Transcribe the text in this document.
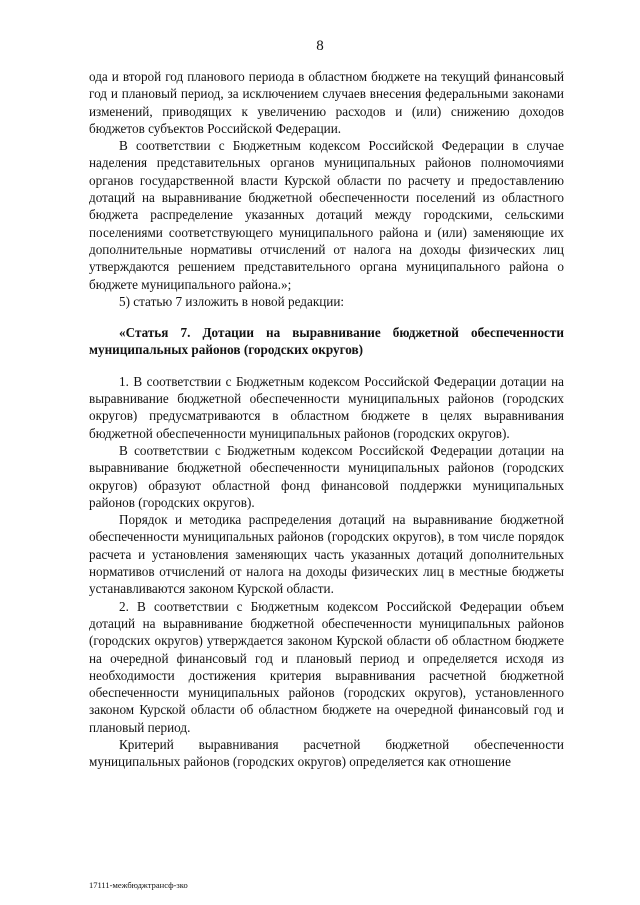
8

ода и второй год планового периода в областном бюджете на текущий финансовый год и плановый период, за исключением случаев внесения федеральными законами изменений, приводящих к увеличению расходов и (или) снижению доходов бюджетов субъектов Российской Федерации.

В соответствии с Бюджетным кодексом Российской Федерации в случае наделения представительных органов муниципальных районов полномочиями органов государственной власти Курской области по расчету и предоставлению дотаций на выравнивание бюджетной обеспеченности поселений из областного бюджета распределение указанных дотаций между городскими, сельскими поселениями соответствующего муниципального района и (или) заменяющие их дополнительные нормативы отчислений от налога на доходы физических лиц утверждаются решением представительного органа муниципального района о бюджете муниципального района.»;

5) статью 7 изложить в новой редакции:

«Статья 7. Дотации на выравнивание бюджетной обеспеченности муниципальных районов (городских округов)

1. В соответствии с Бюджетным кодексом Российской Федерации дотации на выравнивание бюджетной обеспеченности муниципальных районов (городских округов) предусматриваются в областном бюджете в целях выравнивания бюджетной обеспеченности муниципальных районов (городских округов).

В соответствии с Бюджетным кодексом Российской Федерации дотации на выравнивание бюджетной обеспеченности муниципальных районов (городских округов) образуют областной фонд финансовой поддержки муниципальных районов (городских округов).

Порядок и методика распределения дотаций на выравнивание бюджетной обеспеченности муниципальных районов (городских округов), в том числе порядок расчета и установления заменяющих часть указанных дотаций дополнительных нормативов отчислений от налога на доходы физических лиц в местные бюджеты устанавливаются законом Курской области.

2. В соответствии с Бюджетным кодексом Российской Федерации объем дотаций на выравнивание бюджетной обеспеченности муниципальных районов (городских округов) утверждается законом Курской области об областном бюджете на очередной финансовый год и плановый период и определяется исходя из необходимости достижения критерия выравнивания расчетной бюджетной обеспеченности муниципальных районов (городских округов), установленного законом Курской области об областном бюджете на очередной финансовый год и плановый период.

Критерий выравнивания расчетной бюджетной обеспеченности муниципальных районов (городских округов) определяется как отношение

17111-межбюджтрансф-зко
